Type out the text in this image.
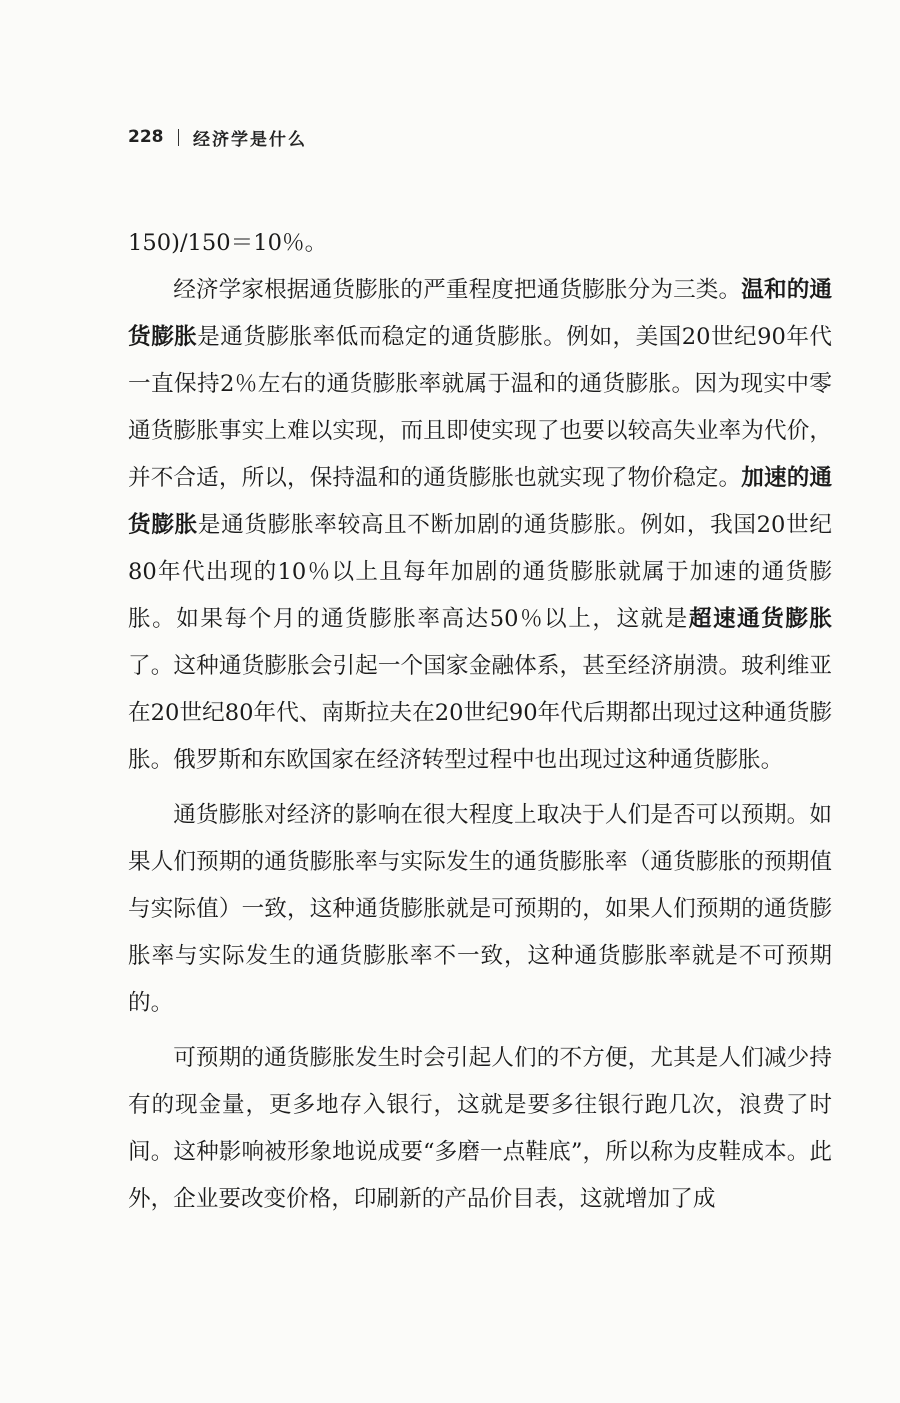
228 经济学是什么

150)/150＝10％。

经济学家根据通货膨胀的严重程度把通货膨胀分为三类。温和的通货膨胀是通货膨胀率低而稳定的通货膨胀。例如，美国20世纪90年代一直保持2％左右的通货膨胀率就属于温和的通货膨胀。因为现实中零通货膨胀事实上难以实现，而且即使实现了也要以较高失业率为代价，并不合适，所以，保持温和的通货膨胀也就实现了物价稳定。加速的通货膨胀是通货膨胀率较高且不断加剧的通货膨胀。例如，我国20世纪80年代出现的10％以上且每年加剧的通货膨胀就属于加速的通货膨胀。如果每个月的通货膨胀率高达50％以上，这就是超速通货膨胀了。这种通货膨胀会引起一个国家金融体系，甚至经济崩溃。玻利维亚在20世纪80年代、南斯拉夫在20世纪90年代后期都出现过这种通货膨胀。俄罗斯和东欧国家在经济转型过程中也出现过这种通货膨胀。

通货膨胀对经济的影响在很大程度上取决于人们是否可以预期。如果人们预期的通货膨胀率与实际发生的通货膨胀率（通货膨胀的预期值与实际值）一致，这种通货膨胀就是可预期的，如果人们预期的通货膨胀率与实际发生的通货膨胀率不一致，这种通货膨胀率就是不可预期的。

可预期的通货膨胀发生时会引起人们的不方便，尤其是人们减少持有的现金量，更多地存入银行，这就是要多往银行跑几次，浪费了时间。这种影响被形象地说成要“多磨一点鞋底”，所以称为皮鞋成本。此外，企业要改变价格，印刷新的产品价目表，这就增加了成
